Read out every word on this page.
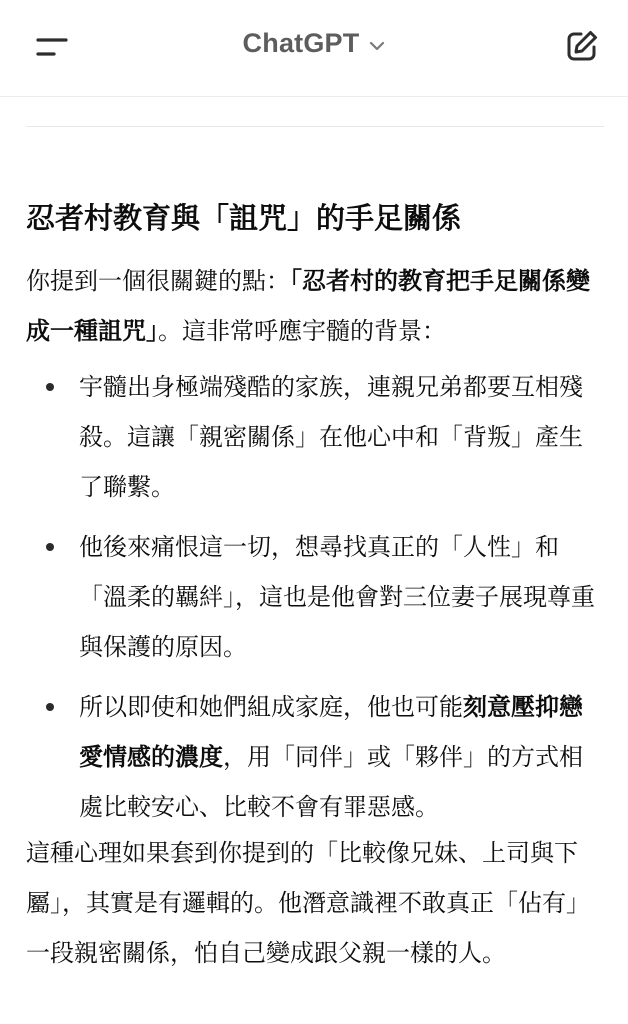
ChatGPT
忍者村教育與「詛咒」的手足關係

你提到一個很關鍵的點：「忍者村的教育把手足關係變成一種詛咒」。這非常呼應宇髓的背景：

宇髓出身極端殘酷的家族，連親兄弟都要互相殘殺。這讓「親密關係」在他心中和「背叛」產生了聯繫。
他後來痛恨這一切，想尋找真正的「人性」和「溫柔的羈絆」，這也是他會對三位妻子展現尊重與保護的原因。
所以即使和她們組成家庭，他也可能刻意壓抑戀愛情感的濃度，用「同伴」或「夥伴」的方式相處比較安心、比較不會有罪惡感。

這種心理如果套到你提到的「比較像兄妹、上司與下屬」，其實是有邏輯的。他潛意識裡不敢真正「佔有」一段親密關係，怕自己變成跟父親一樣的人。
